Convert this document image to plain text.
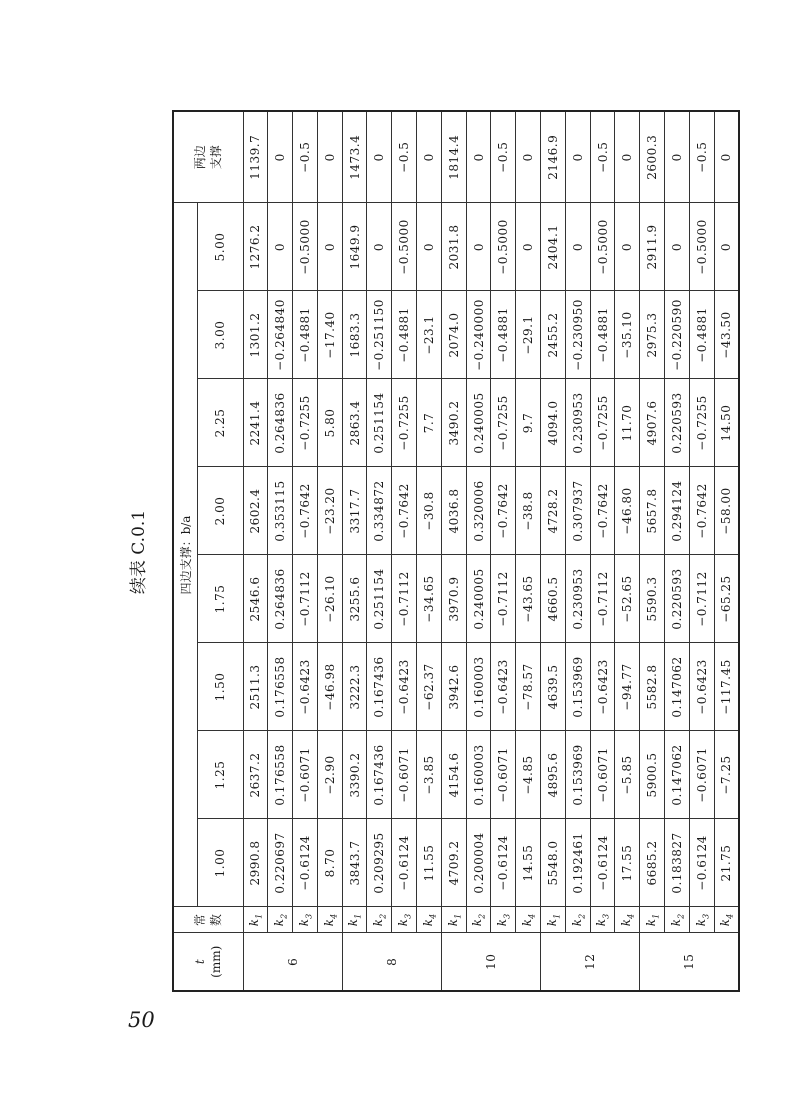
50
续表 C.0.1
t (mm)	常 数	四边支撑：b/a								两边 支撑
		1.00	1.25	1.50	1.75	2.00	2.25	3.00	5.00	
6	$k_1$	2990.8	2637.2	2511.3	2546.6	2602.4	2241.4	1301.2	1276.2	1139.7
	$k_2$	0.220697	0.176558	0.176558	0.264836	0.353115	0.264836	−0.264840	0	0
	$k_3$	−0.6124	−0.6071	−0.6423	−0.7112	−0.7642	−0.7255	−0.4881	−0.5000	−0.5
	$k_4$	8.70	−2.90	−46.98	−26.10	−23.20	5.80	−17.40	0	0
8	$k_1$	3843.7	3390.2	3222.3	3255.6	3317.7	2863.4	1683.3	1649.9	1473.4
	$k_2$	0.209295	0.167436	0.167436	0.251154	0.334872	0.251154	−0.251150	0	0
	$k_3$	−0.6124	−0.6071	−0.6423	−0.7112	−0.7642	−0.7255	−0.4881	−0.5000	−0.5
	$k_4$	11.55	−3.85	−62.37	−34.65	−30.8	7.7	−23.1	0	0
10	$k_1$	4709.2	4154.6	3942.6	3970.9	4036.8	3490.2	2074.0	2031.8	1814.4
	$k_2$	0.200004	0.160003	0.160003	0.240005	0.320006	0.240005	−0.240000	0	0
	$k_3$	−0.6124	−0.6071	−0.6423	−0.7112	−0.7642	−0.7255	−0.4881	−0.5000	−0.5
	$k_4$	14.55	−4.85	−78.57	−43.65	−38.8	9.7	−29.1	0	0
12	$k_1$	5548.0	4895.6	4639.5	4660.5	4728.2	4094.0	2455.2	2404.1	2146.9
	$k_2$	0.192461	0.153969	0.153969	0.230953	0.307937	0.230953	−0.230950	0	0
	$k_3$	−0.6124	−0.6071	−0.6423	−0.7112	−0.7642	−0.7255	−0.4881	−0.5000	−0.5
	$k_4$	17.55	−5.85	−94.77	−52.65	−46.80	11.70	−35.10	0	0
15	$k_1$	6685.2	5900.5	5582.8	5590.3	5657.8	4907.6	2975.3	2911.9	2600.3
	$k_2$	0.183827	0.147062	0.147062	0.220593	0.294124	0.220593	−0.220590	0	0
	$k_3$	−0.6124	−0.6071	−0.6423	−0.7112	−0.7642	−0.7255	−0.4881	−0.5000	−0.5
	$k_4$	21.75	−7.25	−117.45	−65.25	−58.00	14.50	−43.50	0	0
